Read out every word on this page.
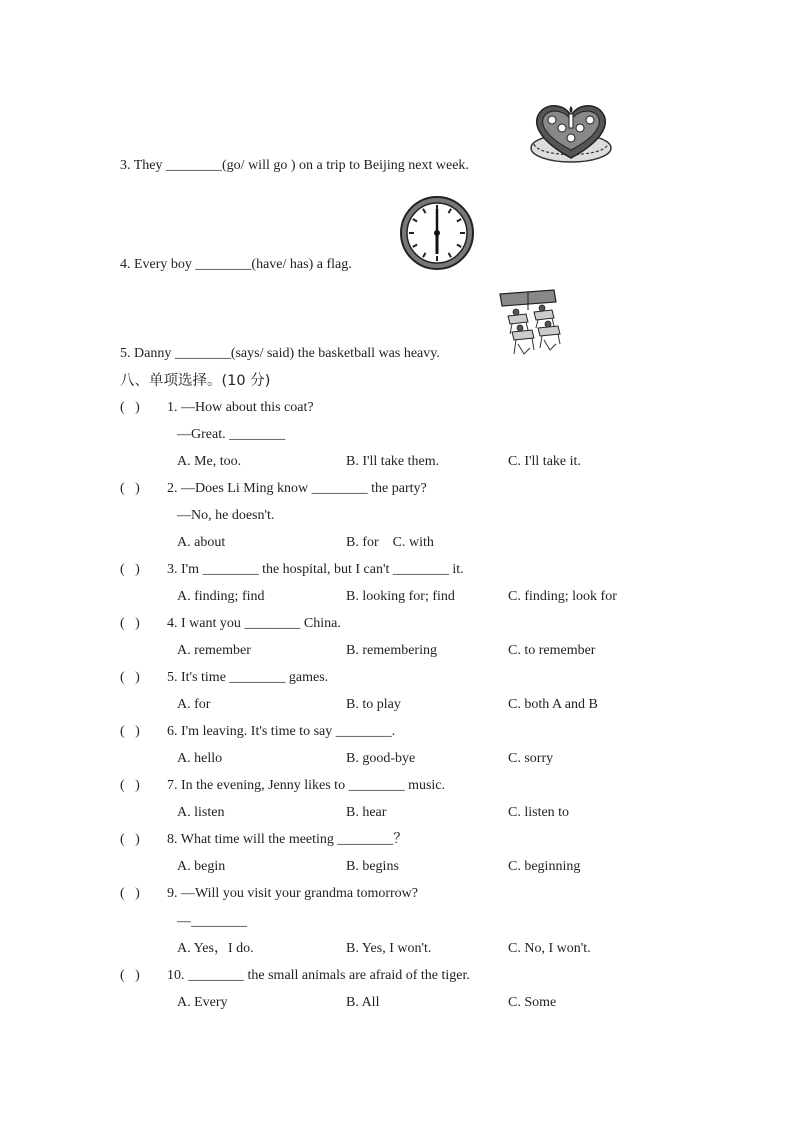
3. They ________(go/ will go ) on a trip to Beijing next week.
4. Every boy ________(have/ has) a flag.
5. Danny ________(says/ said) the basketball was heavy.
八、单项选择。(10 分)
(   ) 1. —How about this coat?
—Great. ________
A. Me, too.	B. I'll take them.	C. I'll take it.
(   ) 2. —Does Li Ming know ________ the party?
—No, he doesn't.
A. about	B. for    C. with
(   ) 3. I'm ________ the hospital, but I can't ________ it.
A. finding; find	B. looking for; find	C. finding; look for
(   ) 4. I want you ________ China.
A. remember	B. remembering	C. to remember
(   ) 5. It's time ________ games.
A. for	B. to play	C. both A and B
(   ) 6. I'm leaving. It's time to say ________.
A. hello	B. good-bye	C. sorry
(   ) 7. In the evening, Jenny likes to ________ music.
A. listen	B. hear	C. listen to
(   ) 8. What time will the meeting ________？
A. begin	B. begins	C. beginning
(   ) 9. —Will you visit your grandma tomorrow?
—________
A. Yes，I do.	B. Yes, I won't.	C. No, I won't.
(   ) 10. ________ the small animals are afraid of the tiger.
A. Every	B. All	C. Some
